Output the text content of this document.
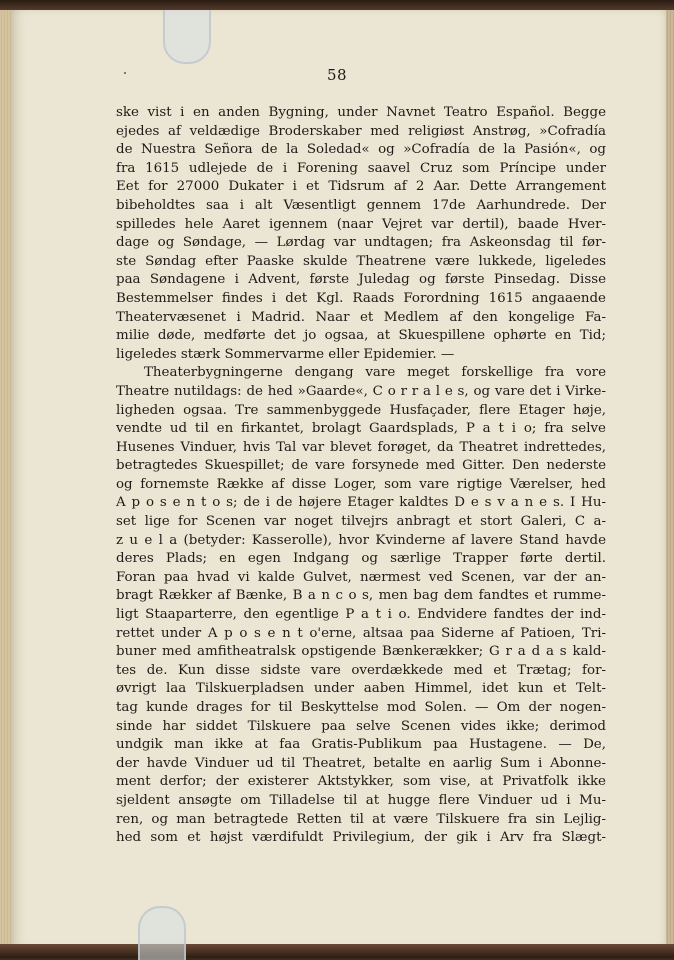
58
ske vist i en anden Bygning, under Navnet Teatro Español. Begge
ejedes af veldædige Broderskaber med religiøst Anstrøg, »Cofradía
de Nuestra Señora de la Soledad« og »Cofradía de la Pasión«, og
fra 1615 udlejede de i Forening saavel Cruz som Príncipe under
Eet for 27000 Dukater i et Tidsrum af 2 Aar. Dette Arrangement
bibeholdtes saa i alt Væsentligt gennem 17de Aarhundrede. Der
spilledes hele Aaret igennem (naar Vejret var dertil), baade Hver-
dage og Søndage, — Lørdag var undtagen; fra Askeonsdag til før-
ste Søndag efter Paaske skulde Theatrene være lukkede, ligeledes
paa Søndagene i Advent, første Juledag og første Pinsedag. Disse
Bestemmelser findes i det Kgl. Raads Forordning 1615 angaaende
Theatervæsenet i Madrid. Naar et Medlem af den kongelige Fa-
milie døde, medførte det jo ogsaa, at Skuespillene ophørte en Tid;
ligeledes stærk Sommervarme eller Epidemier. —
Theaterbygningerne dengang vare meget forskellige fra vore
Theatre nutildags: de hed »Gaarde«, C o r r a l e s, og vare det i Virke-
ligheden ogsaa. Tre sammenbyggede Husfaçader, flere Etager høje,
vendte ud til en firkantet, brolagt Gaardsplads, P a t i o; fra selve
Husenes Vinduer, hvis Tal var blevet forøget, da Theatret indrettedes,
betragtedes Skuespillet; de vare forsynede med Gitter. Den nederste
og fornemste Række af disse Loger, som vare rigtige Værelser, hed
A p o s e n t o s; de i de højere Etager kaldtes D e s v a n e s. I Hu-
set lige for Scenen var noget tilvejrs anbragt et stort Galeri, C a-
z u e l a (betyder: Kasserolle), hvor Kvinderne af lavere Stand havde
deres Plads; en egen Indgang og særlige Trapper førte dertil.
Foran paa hvad vi kalde Gulvet, nærmest ved Scenen, var der an-
bragt Rækker af Bænke, B a n c o s, men bag dem fandtes et rumme-
ligt Staaparterre, den egentlige P a t i o. Endvidere fandtes der ind-
rettet under A p o s e n t o'erne, altsaa paa Siderne af Patioen, Tri-
buner med amfitheatralsk opstigende Bænkerækker; G r a d a s kald-
tes de. Kun disse sidste vare overdækkede med et Trætag; for-
øvrigt laa Tilskuerpladsen under aaben Himmel, idet kun et Telt-
tag kunde drages for til Beskyttelse mod Solen. — Om der nogen-
sinde har siddet Tilskuere paa selve Scenen vides ikke; derimod
undgik man ikke at faa Gratis-Publikum paa Hustagene. — De,
der havde Vinduer ud til Theatret, betalte en aarlig Sum i Abonne-
ment derfor; der existerer Aktstykker, som vise, at Privatfolk ikke
sjeldent ansøgte om Tilladelse til at hugge flere Vinduer ud i Mu-
ren, og man betragtede Retten til at være Tilskuere fra sin Lejlig-
hed som et højst værdifuldt Privilegium, der gik i Arv fra Slægt-
